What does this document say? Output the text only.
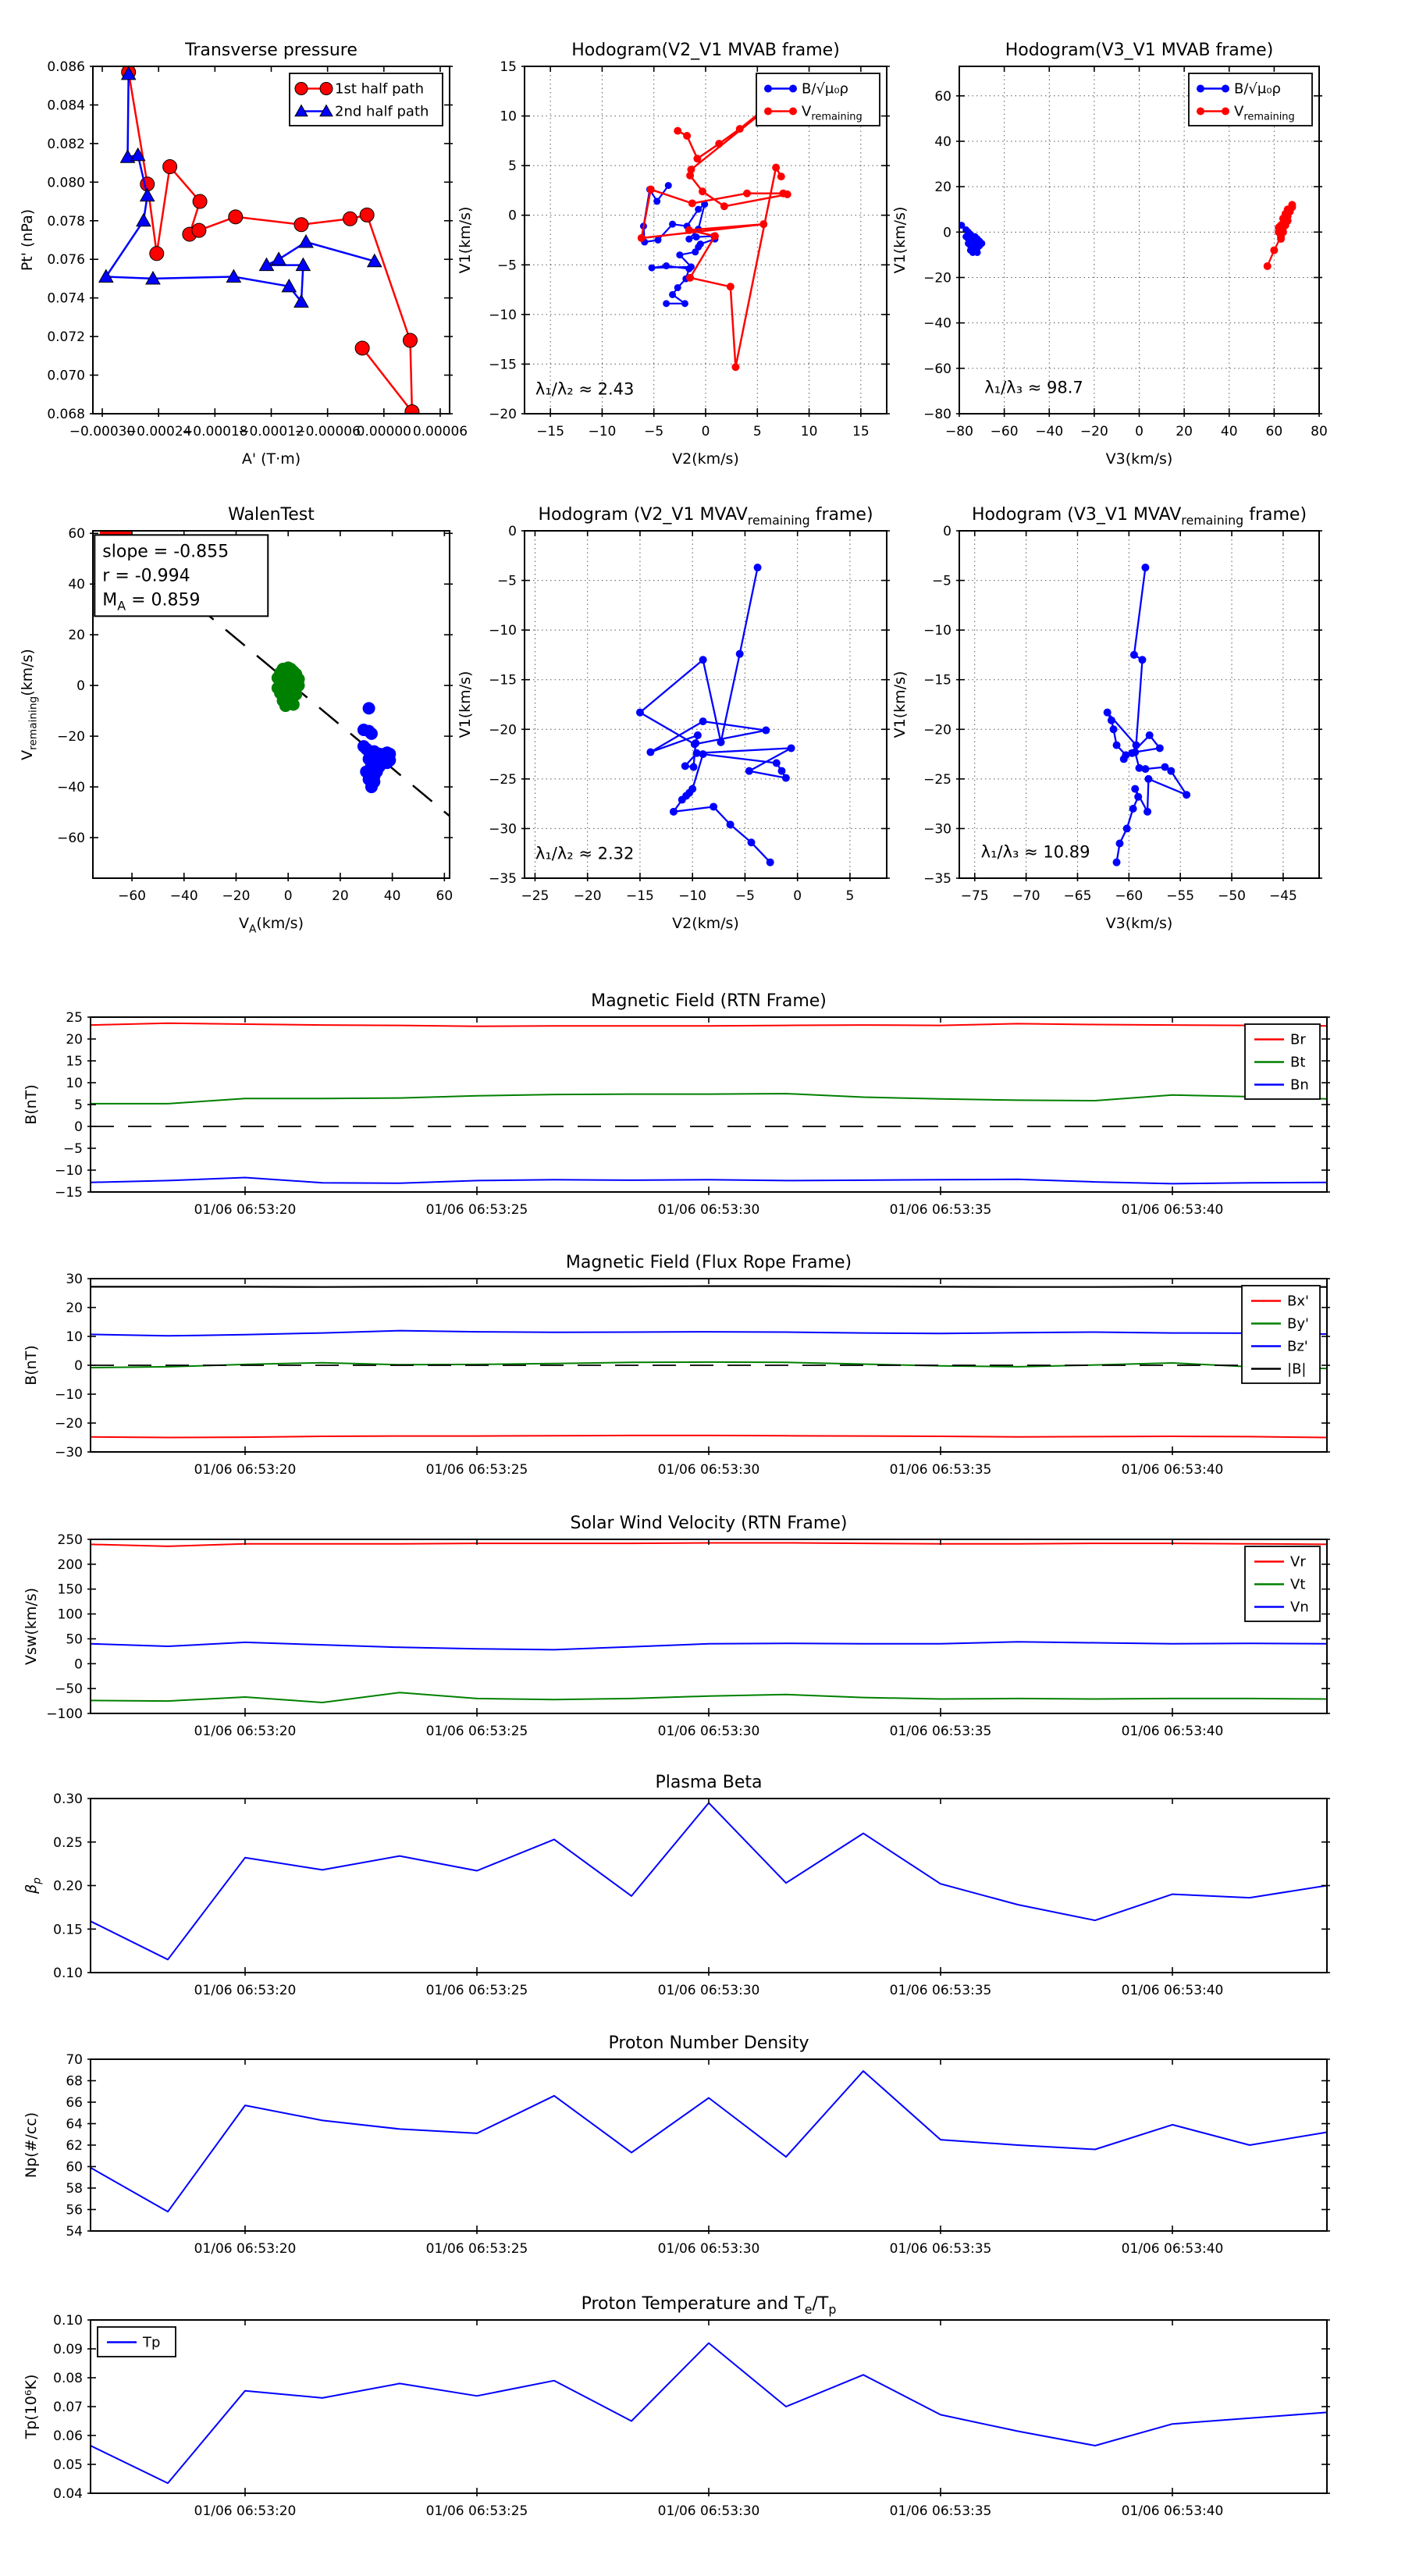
−0.00030
−0.00024
−0.00018
−0.00012
−0.00006
0.00000 0.00006
0.068
0.070
0.072
0.074
0.076
0.078
0.080
0.082
0.084
0.086
Transverse pressure
A' (T·m)
Pt' (nPa)
1st half path
2nd half path
−15 −10 −5	0	5	10	15
−20
−15
−10
−5
0
5
10
15
Hodogram(V2_V1 MVAB frame)
V2(km/s)
V1(km/s)
B/√μ₀ρ
$V_{remaining}$
λ₁/λ₂ ≈ 2.43
−80 −60 −40 −20 0 20 40 60 80
−80
−60
−40
−20
0
20
40
60
Hodogram(V3_V1 MVAB frame)
V3(km/s)
V1(km/s)
B/√μ₀ρ
$V_{remaining}$
λ₁/λ₃ ≈ 98.7
−60 −40 −20	0	20	40	60
−60
−40
−20
0
20
40
60
WalenTest
$V_A(km/s)$
$V_{remaining}(km/s)$
slope = -0.855
r = -0.994
$M_A = 0.859$
−25 −20 −15 −10 −5	0	5
−35
−30
−25
−20
−15
−10
−5
0
Hodogram (V2_V1 $MVAV_{remaining}$ frame)
V2(km/s)
V1(km/s)
λ₁/λ₂ ≈ 2.32
−75 −70 −65 −60 −55 −50 −45
−35
−30
−25
−20
−15
−10
−5
0
Hodogram (V3_V1 $MVAV_{remaining}$ frame)
V3(km/s)
V1(km/s)
λ₁/λ₃ ≈ 10.89
01/06 06:53:20	01/06 06:53:25	01/06 06:53:30	01/06 06:53:35	01/06 06:53:40
−15
−10
−5
0
5
10
15
20
25
Magnetic Field (RTN Frame)
B(nT)
Br
Bt
Bn
01/06 06:53:20	01/06 06:53:25	01/06 06:53:30	01/06 06:53:35	01/06 06:53:40
−30
−20
−10
0
10
20
30
Magnetic Field (Flux Rope Frame)
B(nT)
Bx'
By'
Bz'
|B|
01/06 06:53:20	01/06 06:53:25	01/06 06:53:30	01/06 06:53:35	01/06 06:53:40
−100
−50
0
50
100
150
200
250
Solar Wind Velocity (RTN Frame)
Vsw(km/s)
Vr
Vt
Vn
01/06 06:53:20	01/06 06:53:25	01/06 06:53:30	01/06 06:53:35	01/06 06:53:40
0.10
0.15
0.20
0.25
0.30
Plasma Beta
$\beta_p$
01/06 06:53:20	01/06 06:53:25	01/06 06:53:30	01/06 06:53:35	01/06 06:53:40
54
56
58
60
62
64
66
68
70
Proton Number Density
Np(#/cc)
01/06 06:53:20	01/06 06:53:25	01/06 06:53:30	01/06 06:53:35	01/06 06:53:40
0.04
0.05
0.06
0.07
0.08
0.09
0.10
Proton Temperature and $T_e/T_p$
Tp(10⁶K)
Tp
